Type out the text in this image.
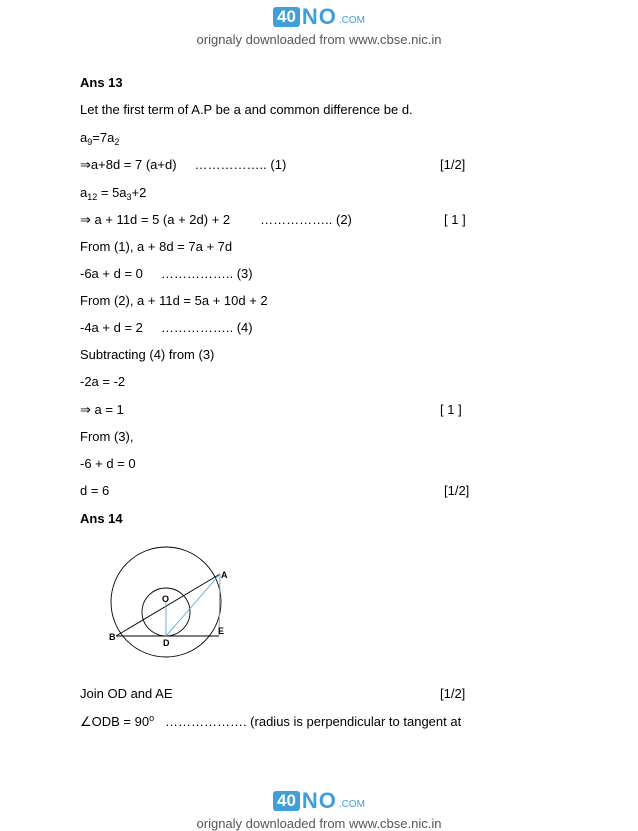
40 NO .COM
orignaly downloaded from www.cbse.nic.in
Ans 13
Let the first term of A.P be a and common difference be d.
$a_9=7a_2$
⇒a+8d = 7 (a+d) …………….. (1)	[1/2]
$a_{12} = 5a_3+2$
⇒ a + 11d = 5 (a + 2d) + 2 …………….. (2)	[ 1 ]
From (1), a + 8d = 7a + 7d
-6a + d = 0 …………….. (3)
From (2), a + 11d = 5a + 10d + 2
-4a + d = 2 …………….. (4)
Subtracting (4) from (3)
-2a = -2
⇒ a = 1	[ 1 ]
From (3),
-6 + d = 0
d = 6	[1/2]
Ans 14
A
O
B
D
E
Join OD and AE	[1/2]
∠ODB = $90^o$   ………………. (radius is perpendicular to tangent at
40 NO .COM
orignaly downloaded from www.cbse.nic.in
